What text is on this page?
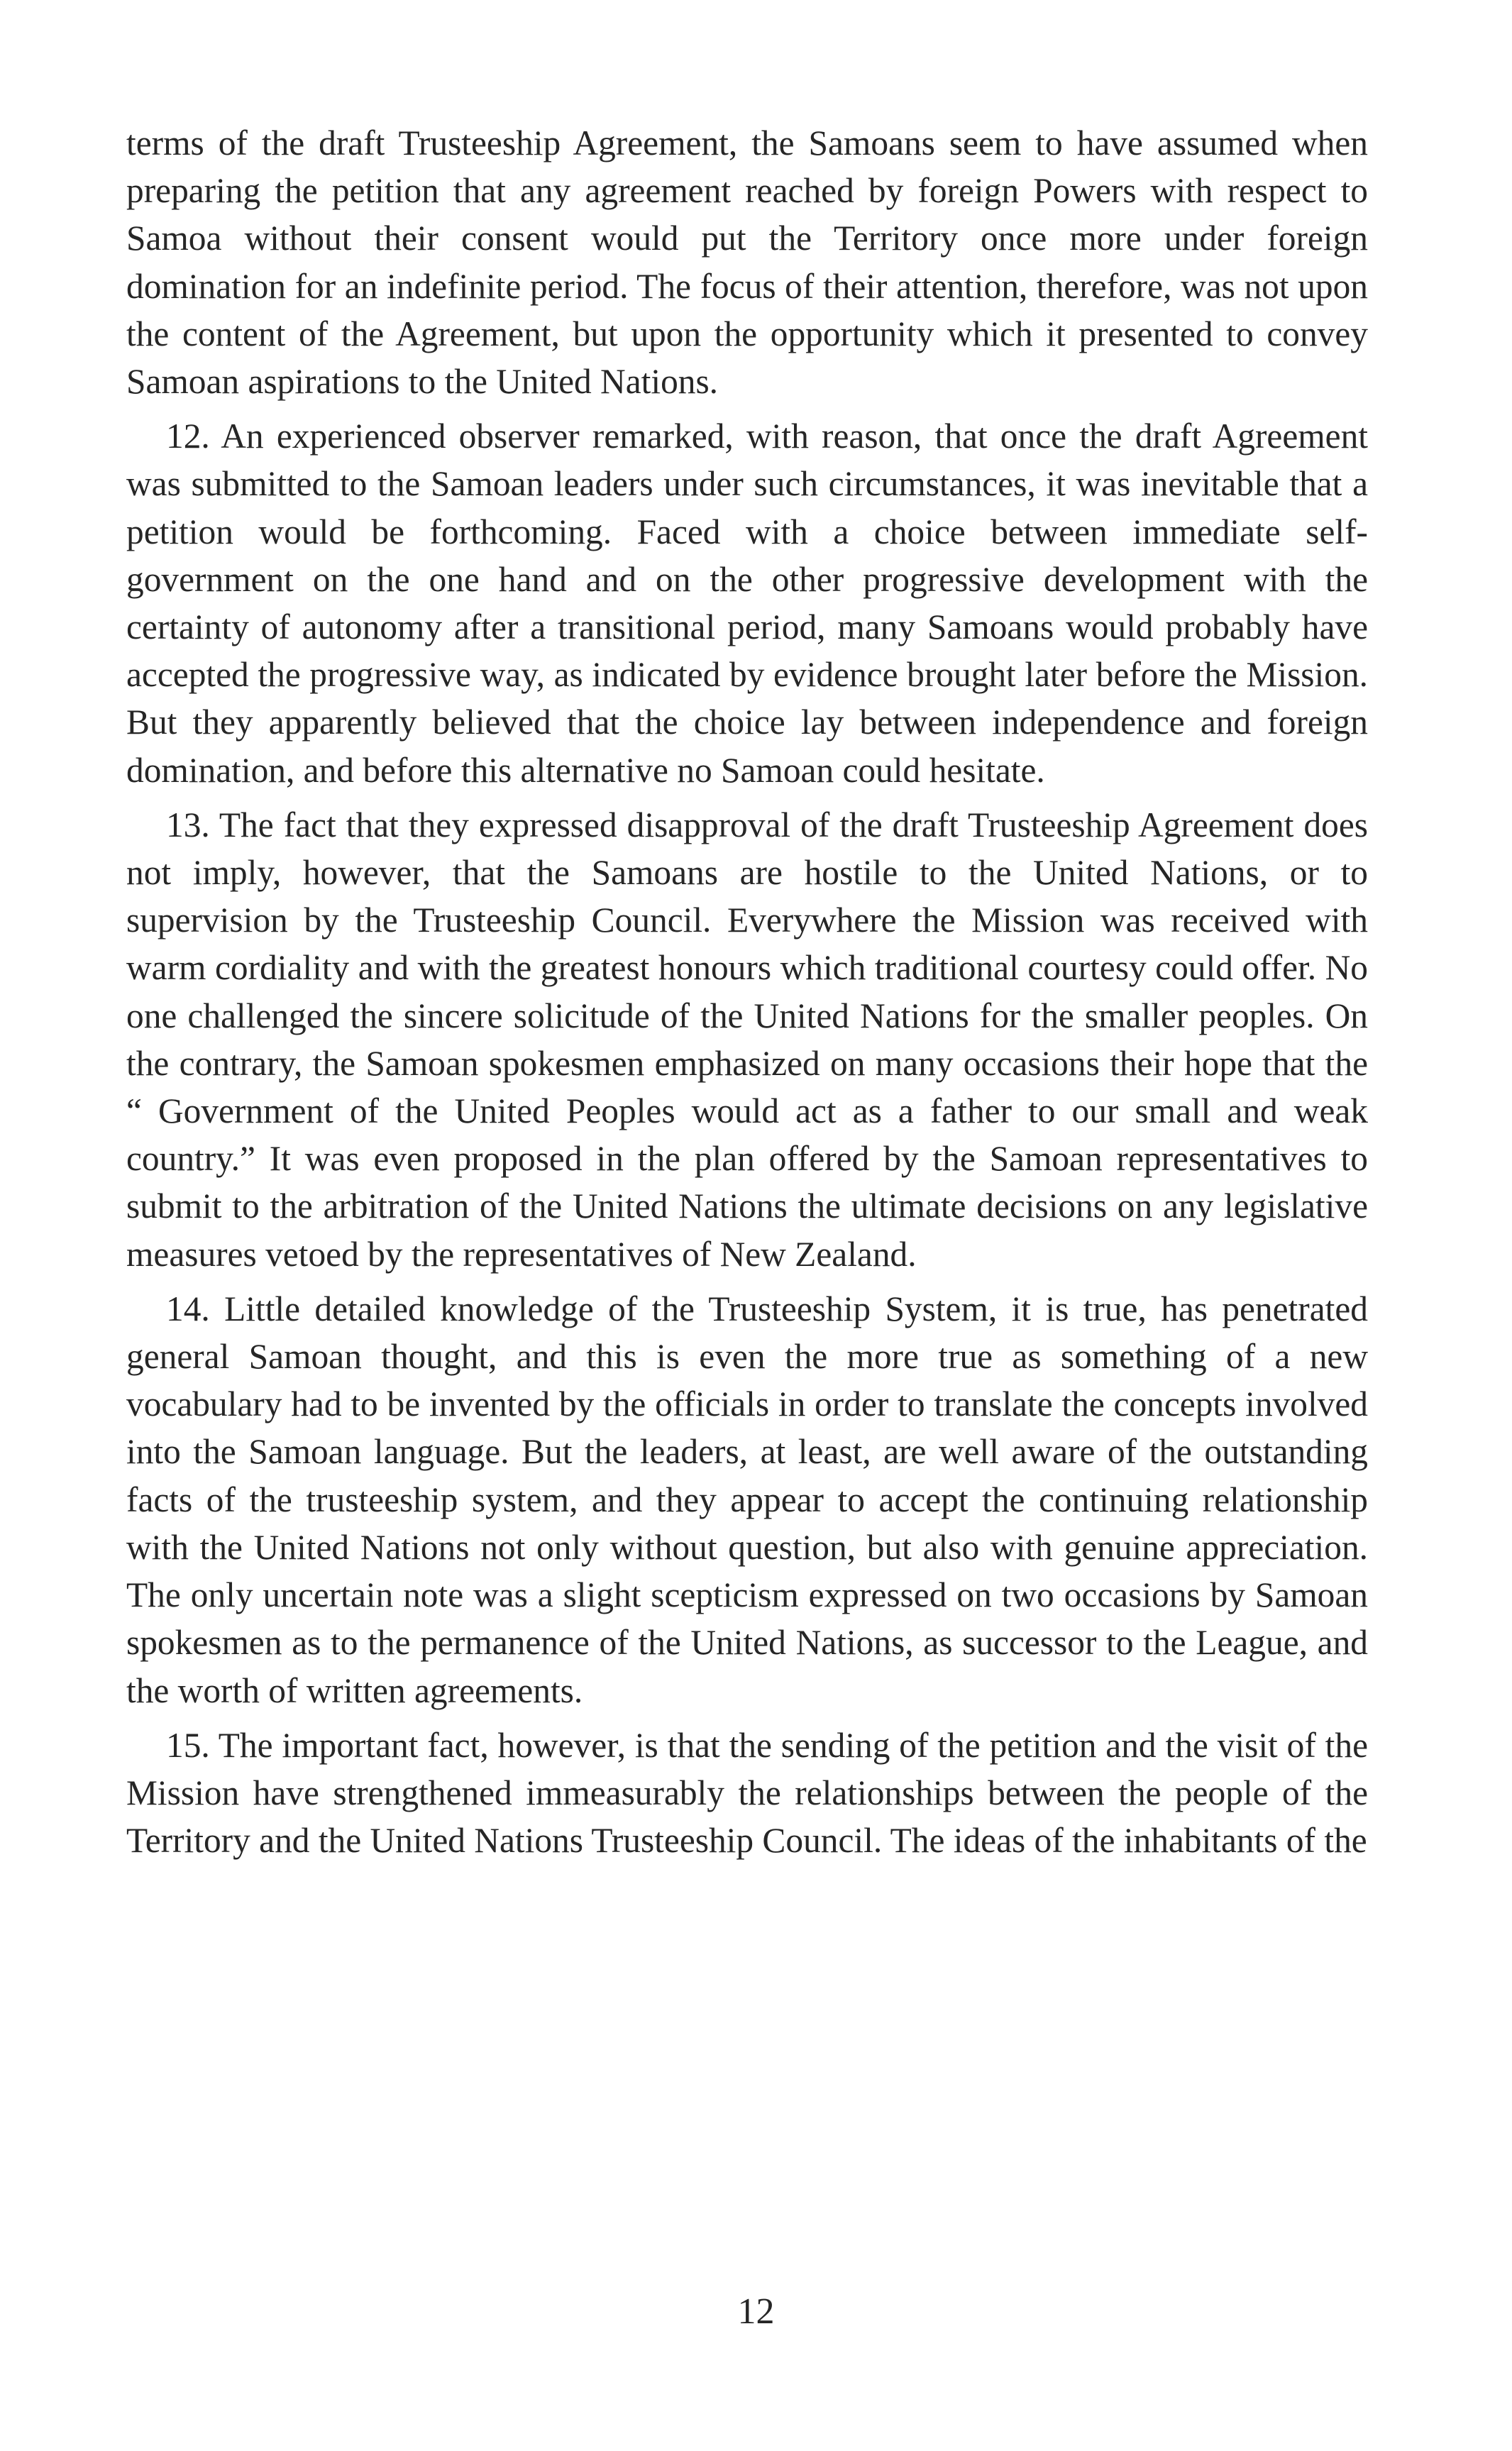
terms of the draft Trusteeship Agreement, the Samoans seem to have assumed when preparing the petition that any agreement reached by foreign Powers with respect to Samoa without their consent would put the Territory once more under foreign domination for an indefinite period. The focus of their attention, therefore, was not upon the content of the Agreement, but upon the opportunity which it presented to convey Samoan aspirations to the United Nations.

12. An experienced observer remarked, with reason, that once the draft Agreement was submitted to the Samoan leaders under such circumstances, it was inevitable that a petition would be forthcoming. Faced with a choice between immediate self-government on the one hand and on the other progressive development with the certainty of autonomy after a transitional period, many Samoans would probably have accepted the progressive way, as indicated by evidence brought later before the Mission. But they apparently believed that the choice lay between independence and foreign domination, and before this alternative no Samoan could hesitate.

13. The fact that they expressed disapproval of the draft Trusteeship Agreement does not imply, however, that the Samoans are hostile to the United Nations, or to supervision by the Trusteeship Council. Everywhere the Mission was received with warm cordiality and with the greatest honours which traditional courtesy could offer. No one challenged the sincere solicitude of the United Nations for the smaller peoples. On the contrary, the Samoan spokesmen emphasized on many occasions their hope that the “ Government of the United Peoples would act as a father to our small and weak country.” It was even proposed in the plan offered by the Samoan representatives to submit to the arbitration of the United Nations the ultimate decisions on any legislative measures vetoed by the representatives of New Zealand.

14. Little detailed knowledge of the Trusteeship System, it is true, has penetrated general Samoan thought, and this is even the more true as something of a new vocabulary had to be invented by the officials in order to translate the concepts involved into the Samoan language. But the leaders, at least, are well aware of the outstanding facts of the trusteeship system, and they appear to accept the continuing relationship with the United Nations not only without question, but also with genuine appreciation. The only uncertain note was a slight scepticism expressed on two occasions by Samoan spokesmen as to the permanence of the United Nations, as successor to the League, and the worth of written agreements.

15. The important fact, however, is that the sending of the petition and the visit of the Mission have strengthened immeasurably the relationships between the people of the Territory and the United Nations Trusteeship Council. The ideas of the inhabitants of the

12
